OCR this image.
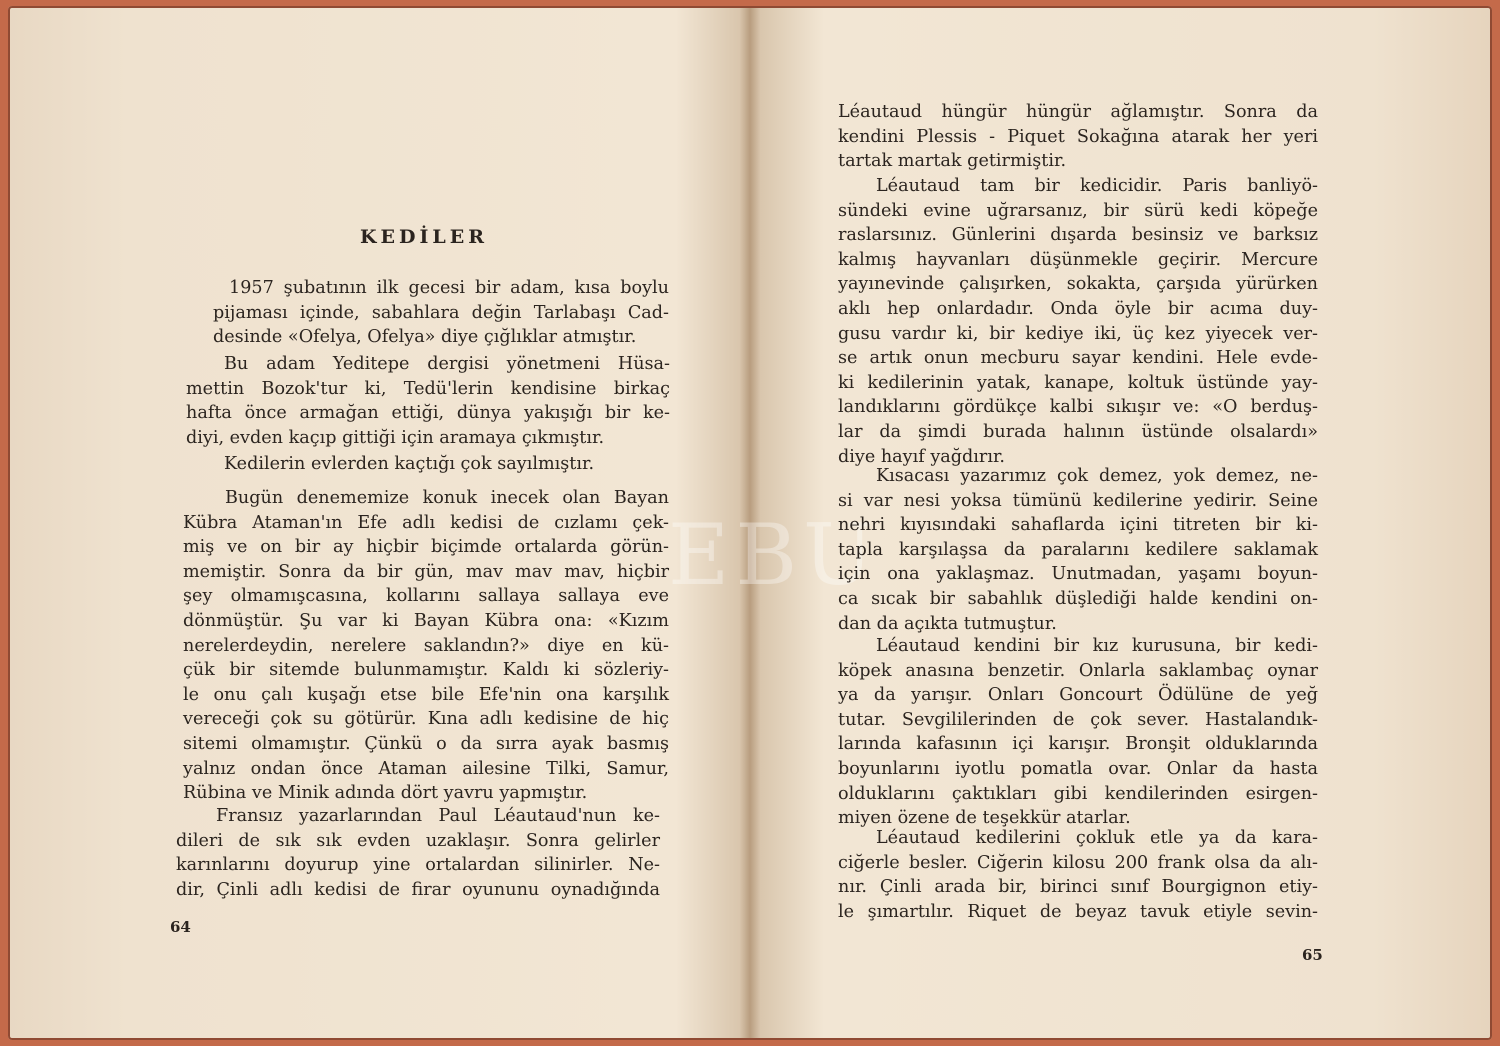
KEDİLER
1957 şubatının ilk gecesi bir adam, kısa boylu
pijaması içinde, sabahlara değin Tarlabaşı Cad-
desinde «Ofelya, Ofelya» diye çığlıklar atmıştır.
Bu adam Yeditepe dergisi yönetmeni Hüsa-
mettin Bozok'tur ki, Tedü'lerin kendisine birkaç
hafta önce armağan ettiği, dünya yakışığı bir ke-
diyi, evden kaçıp gittiği için aramaya çıkmıştır.
Kedilerin evlerden kaçtığı çok sayılmıştır.
Bugün denememize konuk inecek olan Bayan
Kübra Ataman'ın Efe adlı kedisi de cızlamı çek-
miş ve on bir ay hiçbir biçimde ortalarda görün-
memiştir. Sonra da bir gün, mav mav mav, hiçbir
şey olmamışcasına, kollarını sallaya sallaya eve
dönmüştür. Şu var ki Bayan Kübra ona: «Kızım
nerelerdeydin, nerelere saklandın?» diye en kü-
çük bir sitemde bulunmamıştır. Kaldı ki sözleriy-
le onu çalı kuşağı etse bile Efe'nin ona karşılık
vereceği çok su götürür. Kına adlı kedisine de hiç
sitemi olmamıştır. Çünkü o da sırra ayak basmış
yalnız ondan önce Ataman ailesine Tilki, Samur,
Rübina ve Minik adında dört yavru yapmıştır.
Fransız yazarlarından Paul Léautaud'nun ke-
dileri de sık sık evden uzaklaşır. Sonra gelirler
karınlarını doyurup yine ortalardan silinirler. Ne-
dir, Çinli adlı kedisi de firar oyununu oynadığında
64
EBU
Léautaud hüngür hüngür ağlamıştır. Sonra da
kendini Plessis - Piquet Sokağına atarak her yeri
tartak martak getirmiştir.
Léautaud tam bir kedicidir. Paris banliyö-
sündeki evine uğrarsanız, bir sürü kedi köpeğe
raslarsınız. Günlerini dışarda besinsiz ve barksız
kalmış hayvanları düşünmekle geçirir. Mercure
yayınevinde çalışırken, sokakta, çarşıda yürürken
aklı hep onlardadır. Onda öyle bir acıma duy-
gusu vardır ki, bir kediye iki, üç kez yiyecek ver-
se artık onun mecburu sayar kendini. Hele evde-
ki kedilerinin yatak, kanape, koltuk üstünde yay-
landıklarını gördükçe kalbi sıkışır ve: «O berduş-
lar da şimdi burada halının üstünde olsalardı»
diye hayıf yağdırır.
Kısacası yazarımız çok demez, yok demez, ne-
si var nesi yoksa tümünü kedilerine yedirir. Seine
nehri kıyısındaki sahaflarda içini titreten bir ki-
tapla karşılaşsa da paralarını kedilere saklamak
için ona yaklaşmaz. Unutmadan, yaşamı boyun-
ca sıcak bir sabahlık düşlediği halde kendini on-
dan da açıkta tutmuştur.
Léautaud kendini bir kız kurusuna, bir kedi-
köpek anasına benzetir. Onlarla saklambaç oynar
ya da yarışır. Onları Goncourt Ödülüne de yeğ
tutar. Sevgililerinden de çok sever. Hastalandık-
larında kafasının içi karışır. Bronşit olduklarında
boyunlarını iyotlu pomatla ovar. Onlar da hasta
olduklarını çaktıkları gibi kendilerinden esirgen-
miyen özene de teşekkür atarlar.
Léautaud kedilerini çokluk etle ya da kara-
ciğerle besler. Ciğerin kilosu 200 frank olsa da alı-
nır. Çinli arada bir, birinci sınıf Bourgignon etiy-
le şımartılır. Riquet de beyaz tavuk etiyle sevin-
65
